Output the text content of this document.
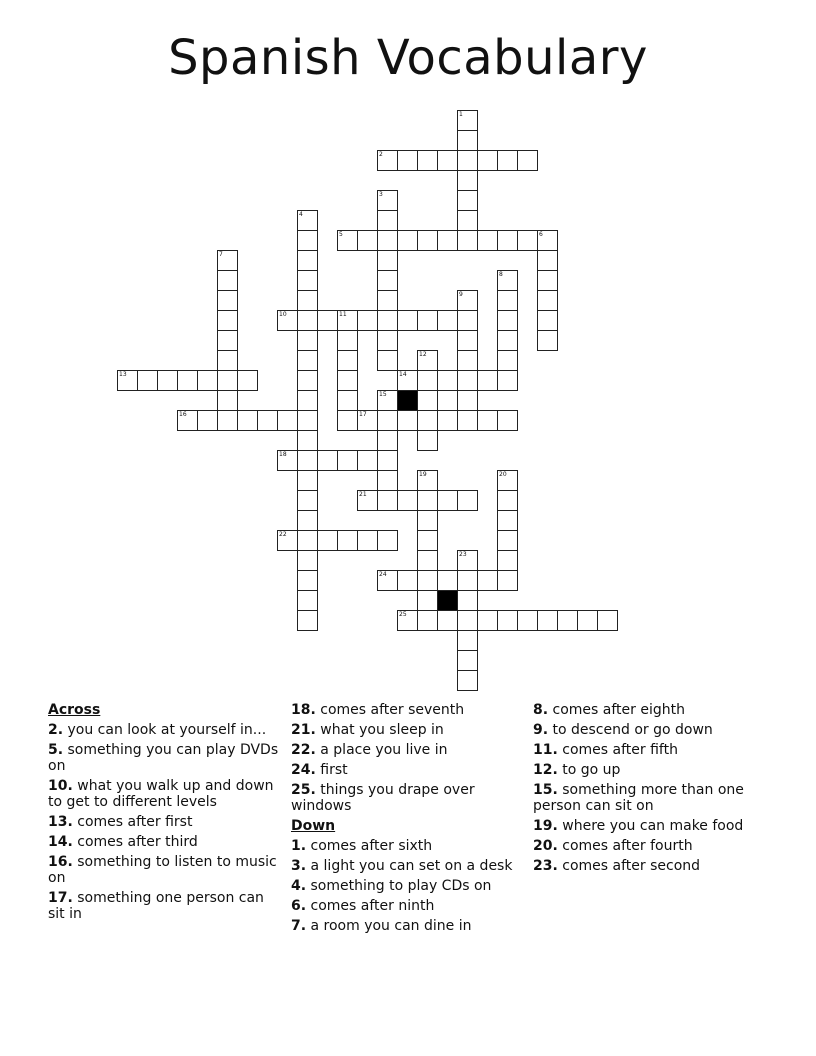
Spanish Vocabulary
1
2
3
4
5	6
7
8
9
10	11
12
13	14
15
16	17
18
19	20
21
22
23
24
25
Across
2. you can look at yourself in...
5. something you can play DVDs on
10. what you walk up and down to get to different levels
13. comes after first
14. comes after third
16. something to listen to music on
17. something one person can sit in
18. comes after seventh
21. what you sleep in
22. a place you live in
24. first
25. things you drape over windows
Down
1. comes after sixth
3. a light you can set on a desk
4. something to play CDs on
6. comes after ninth
7. a room you can dine in
8. comes after eighth
9. to descend or go down
11. comes after fifth
12. to go up
15. something more than one person can sit on
19. where you can make food
20. comes after fourth
23. comes after second
